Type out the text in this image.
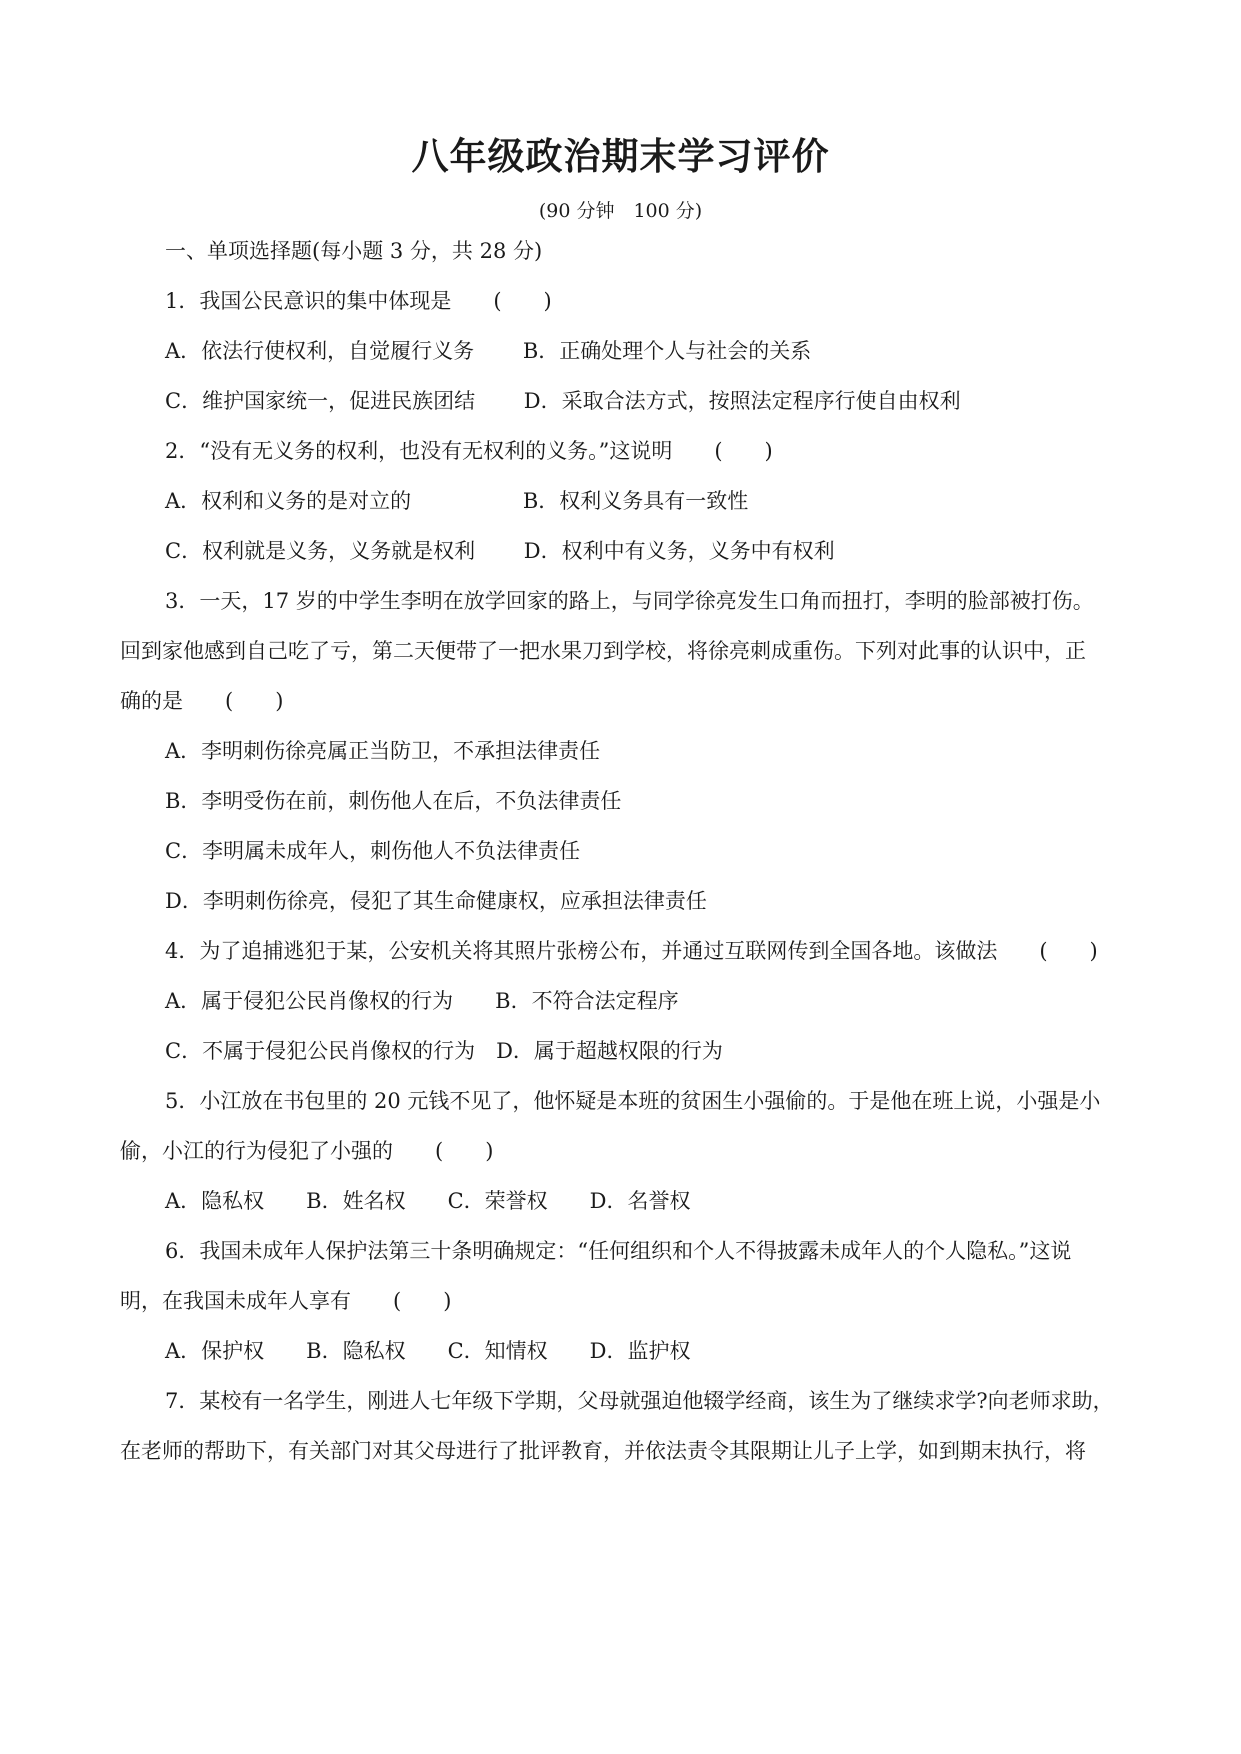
八年级政治期末学习评价
(90 分钟　100 分)
一、单项选择题(每小题 3 分，共 28 分)
1．我国公民意识的集中体现是　　(　　)
A．依法行使权利，自觉履行义务　　 B．正确处理个人与社会的关系
C．维护国家统一，促进民族团结　　 D．采取合法方式，按照法定程序行使自由权利
2．“没有无义务的权利，也没有无权利的义务。”这说明　　(　　)
A．权利和义务的是对立的　　　　　 B．权利义务具有一致性
C．权利就是义务，义务就是权利　　 D．权利中有义务，义务中有权利
3．一天，17 岁的中学生李明在放学回家的路上，与同学徐亮发生口角而扭打，李明的脸部被打伤。
回到家他感到自己吃了亏，第二天便带了一把水果刀到学校，将徐亮刺成重伤。下列对此事的认识中，正
确的是　　(　　)
A．李明刺伤徐亮属正当防卫，不承担法律责任
B．李明受伤在前，刺伤他人在后，不负法律责任
C．李明属未成年人，刺伤他人不负法律责任
D．李明刺伤徐亮，侵犯了其生命健康权，应承担法律责任
4．为了追捕逃犯于某，公安机关将其照片张榜公布，并通过互联网传到全国各地。该做法　　(　　)
A．属于侵犯公民肖像权的行为　　B．不符合法定程序
C．不属于侵犯公民肖像权的行为　D．属于超越权限的行为
5．小江放在书包里的 20 元钱不见了，他怀疑是本班的贫困生小强偷的。于是他在班上说，小强是小
偷，小江的行为侵犯了小强的　　(　　)
A．隐私权　　B．姓名权　　C．荣誉权　　D．名誉权
6．我国未成年人保护法第三十条明确规定：“任何组织和个人不得披露未成年人的个人隐私。”这说
明，在我国未成年人享有　　(　　)
A．保护权　　B．隐私权　　C．知情权　　D．监护权
7．某校有一名学生，刚进人七年级下学期，父母就强迫他辍学经商，该生为了继续求学?向老师求助，
在老师的帮助下，有关部门对其父母进行了批评教育，并依法责令其限期让儿子上学，如到期末执行，将
